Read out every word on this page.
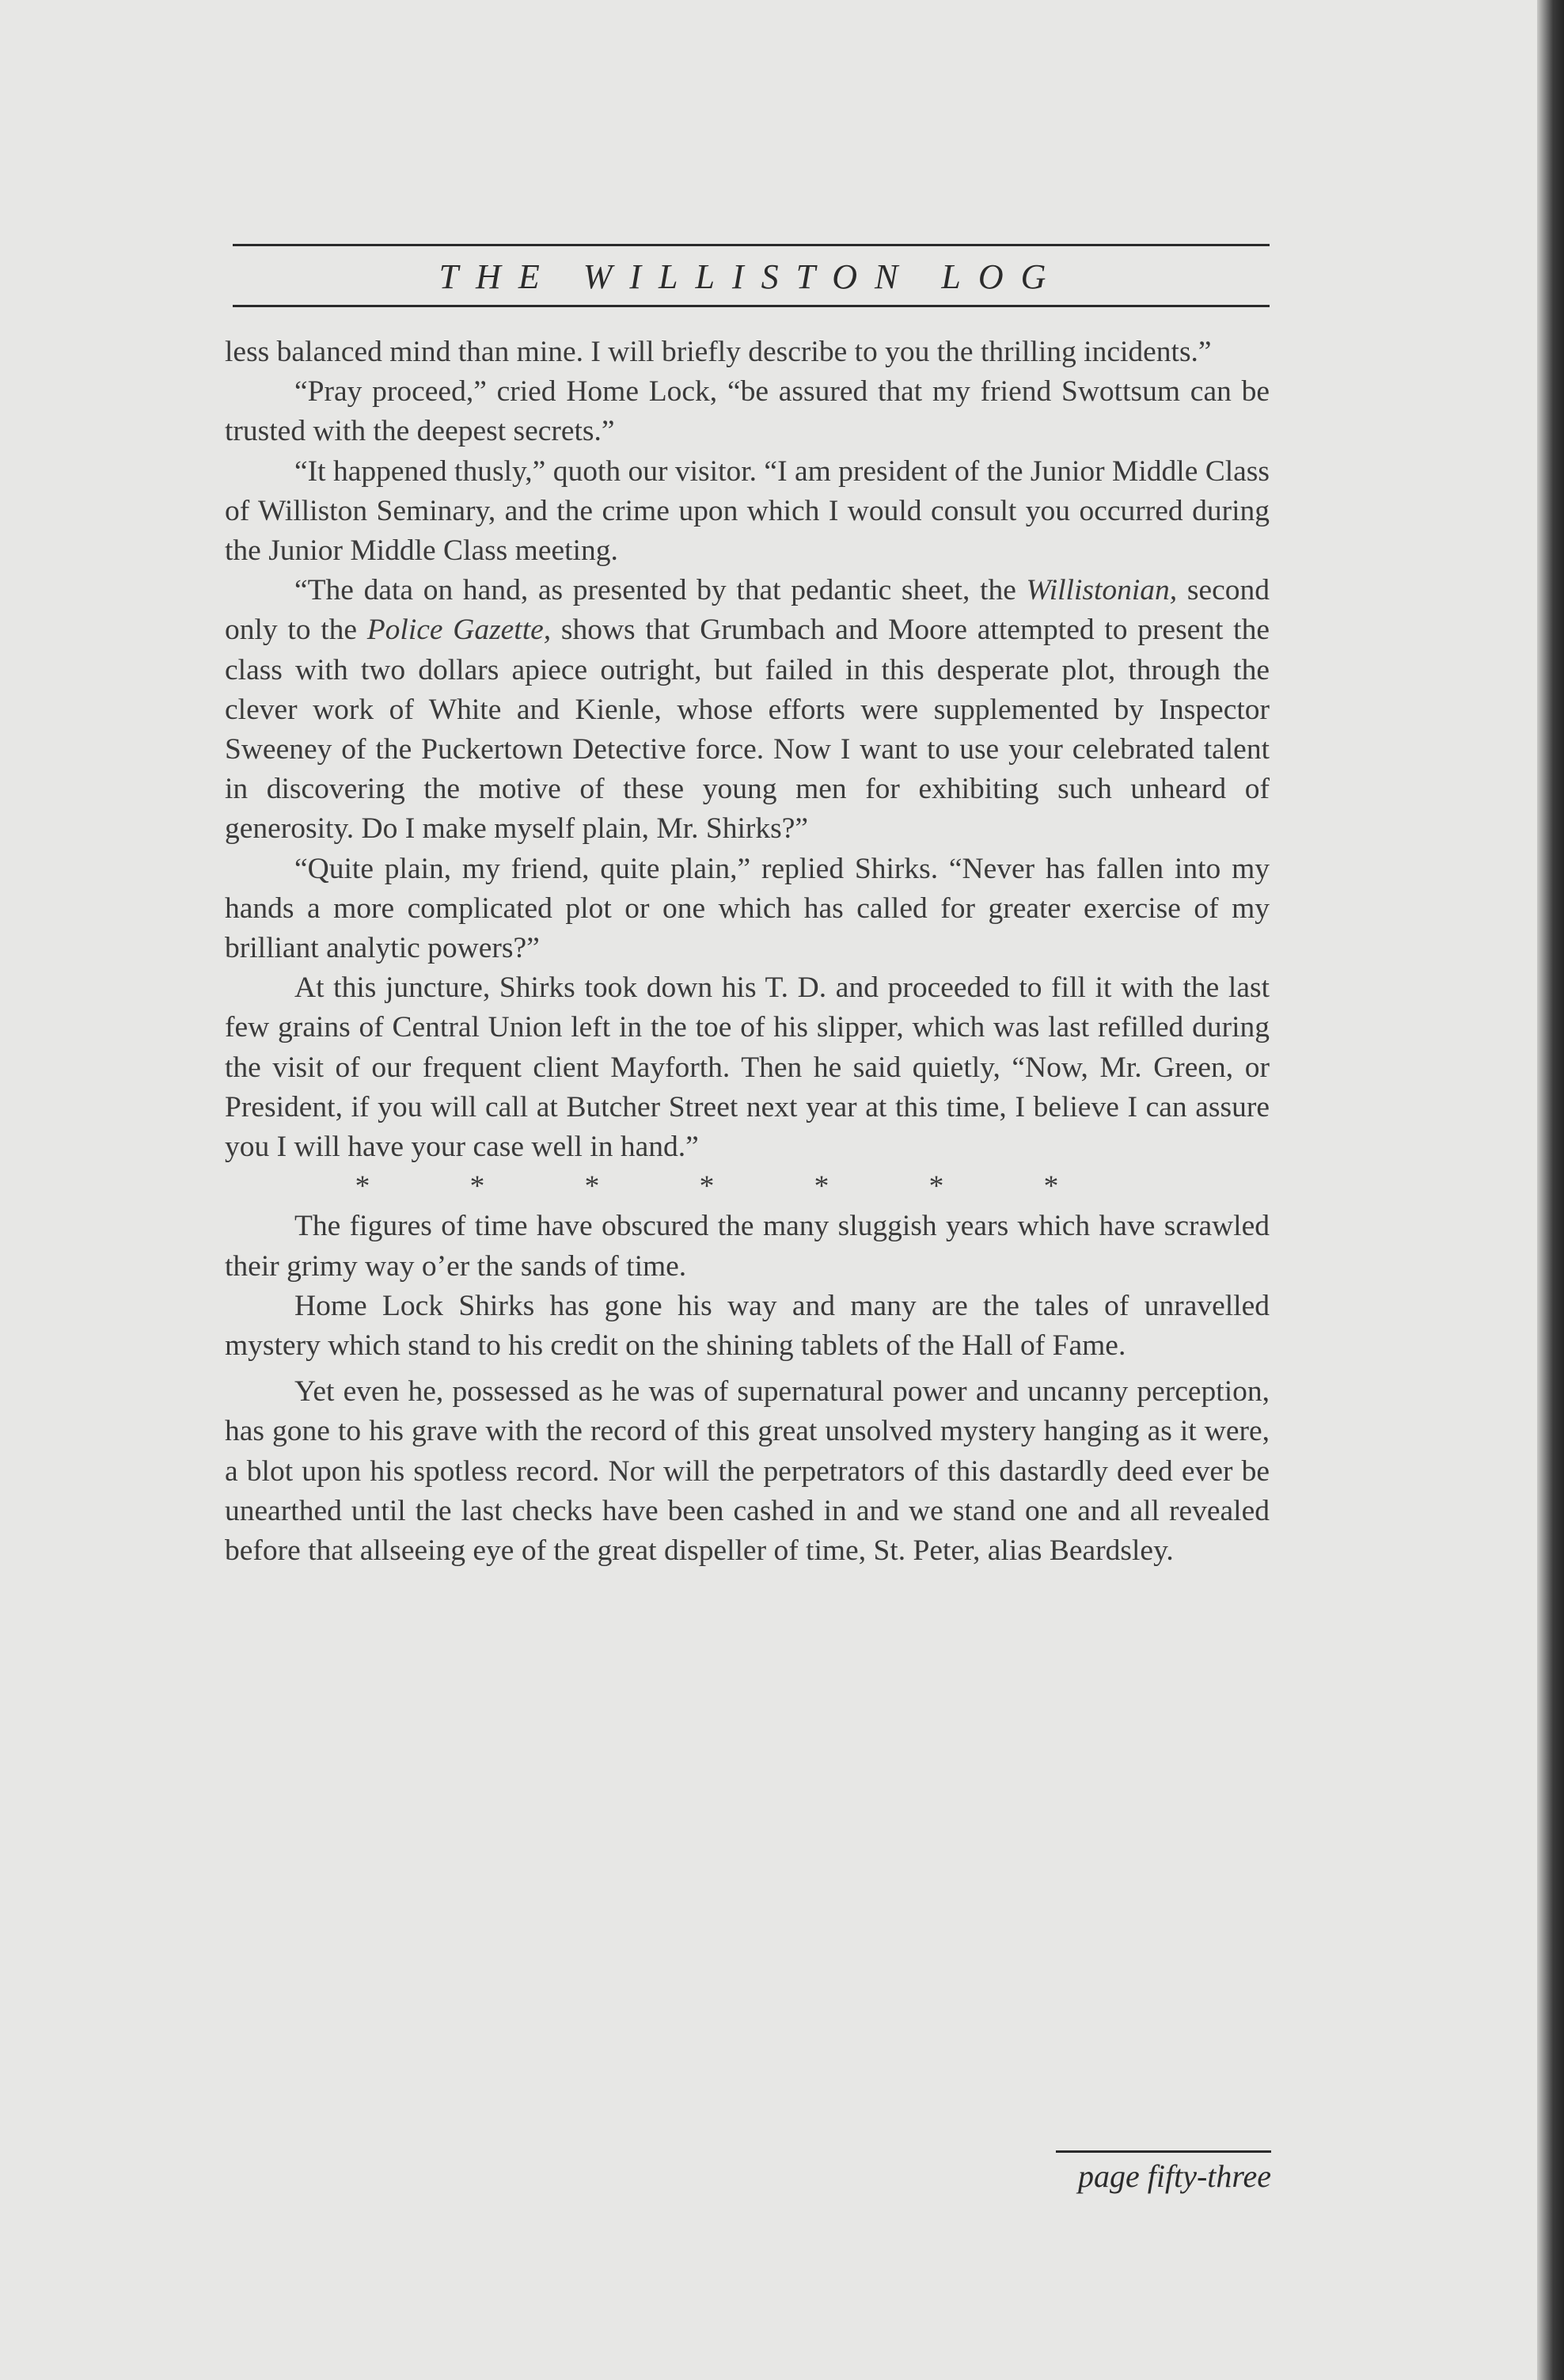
THE WILLISTON LOG

less balanced mind than mine. I will briefly describe to you the thrilling incidents.”

“Pray proceed,” cried Home Lock, “be assured that my friend Swottsum can be trusted with the deepest secrets.”

“It happened thusly,” quoth our visitor. “I am president of the Junior Middle Class of Williston Seminary, and the crime upon which I would consult you occurred during the Junior Middle Class meeting.

“The data on hand, as presented by that pedantic sheet, the Willistonian, second only to the Police Gazette, shows that Grumbach and Moore attempted to present the class with two dollars apiece outright, but failed in this desperate plot, through the clever work of White and Kienle, whose efforts were supplemented by Inspector Sweeney of the Puckertown Detective force. Now I want to use your celebrated talent in discovering the motive of these young men for exhibiting such unheard of generosity. Do I make myself plain, Mr. Shirks?”

“Quite plain, my friend, quite plain,” replied Shirks. “Never has fallen into my hands a more complicated plot or one which has called for greater exercise of my brilliant analytic powers?”

At this juncture, Shirks took down his T. D. and proceeded to fill it with the last few grains of Central Union left in the toe of his slipper, which was last refilled during the visit of our frequent client Mayforth. Then he said quietly, “Now, Mr. Green, or President, if you will call at Butcher Street next year at this time, I believe I can assure you I will have your case well in hand.”

*	*	*	*	*	*	*

The figures of time have obscured the many sluggish years which have scrawled their grimy way o’er the sands of time.

Home Lock Shirks has gone his way and many are the tales of unravelled mystery which stand to his credit on the shining tablets of the Hall of Fame.

Yet even he, possessed as he was of supernatural power and uncanny perception, has gone to his grave with the record of this great unsolved mystery hanging as it were, a blot upon his spotless record. Nor will the perpetrators of this dastardly deed ever be unearthed until the last checks have been cashed in and we stand one and all revealed before that allseeing eye of the great dispeller of time, St. Peter, alias Beardsley.

page fifty-three
